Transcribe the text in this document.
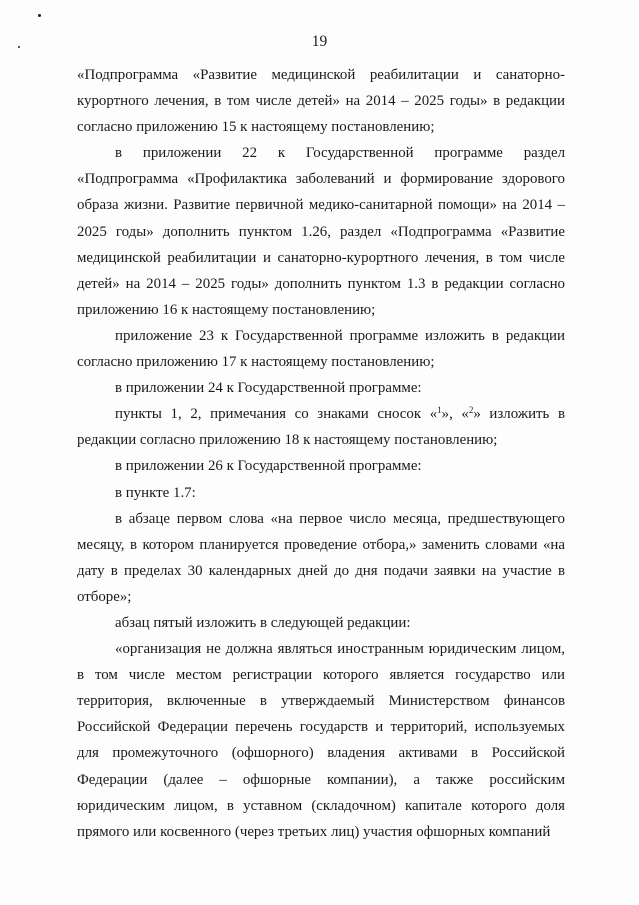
19

«Подпрограмма «Развитие медицинской реабилитации и санаторно-курортного лечения, в том числе детей» на 2014 – 2025 годы» в редакции согласно приложению 15 к настоящему постановлению;

в приложении 22 к Государственной программе раздел «Подпрограмма «Профилактика заболеваний и формирование здорового образа жизни. Развитие первичной медико-санитарной помощи» на 2014 – 2025 годы» дополнить пунктом 1.26, раздел «Подпрограмма «Развитие медицинской реабилитации и санаторно-курортного лечения, в том числе детей» на 2014 – 2025 годы» дополнить пунктом 1.3 в редакции согласно приложению 16 к настоящему постановлению;

приложение 23 к Государственной программе изложить в редакции согласно приложению 17 к настоящему постановлению;

в приложении 24 к Государственной программе:

пункты 1, 2, примечания со знаками сносок «$^1$», «$^2$» изложить в редакции согласно приложению 18 к настоящему постановлению;

в приложении 26 к Государственной программе:

в пункте 1.7:

в абзаце первом слова «на первое число месяца, предшествующего месяцу, в котором планируется проведение отбора,» заменить словами «на дату в пределах 30 календарных дней до дня подачи заявки на участие в отборе»;

абзац пятый изложить в следующей редакции:

«организация не должна являться иностранным юридическим лицом, в том числе местом регистрации которого является государство или территория, включенные в утверждаемый Министерством финансов Российской Федерации перечень государств и территорий, используемых для промежуточного (офшорного) владения активами в Российской Федерации (далее – офшорные компании), а также российским юридическим лицом, в уставном (складочном) капитале которого доля прямого или косвенного (через третьих лиц) участия офшорных компаний
